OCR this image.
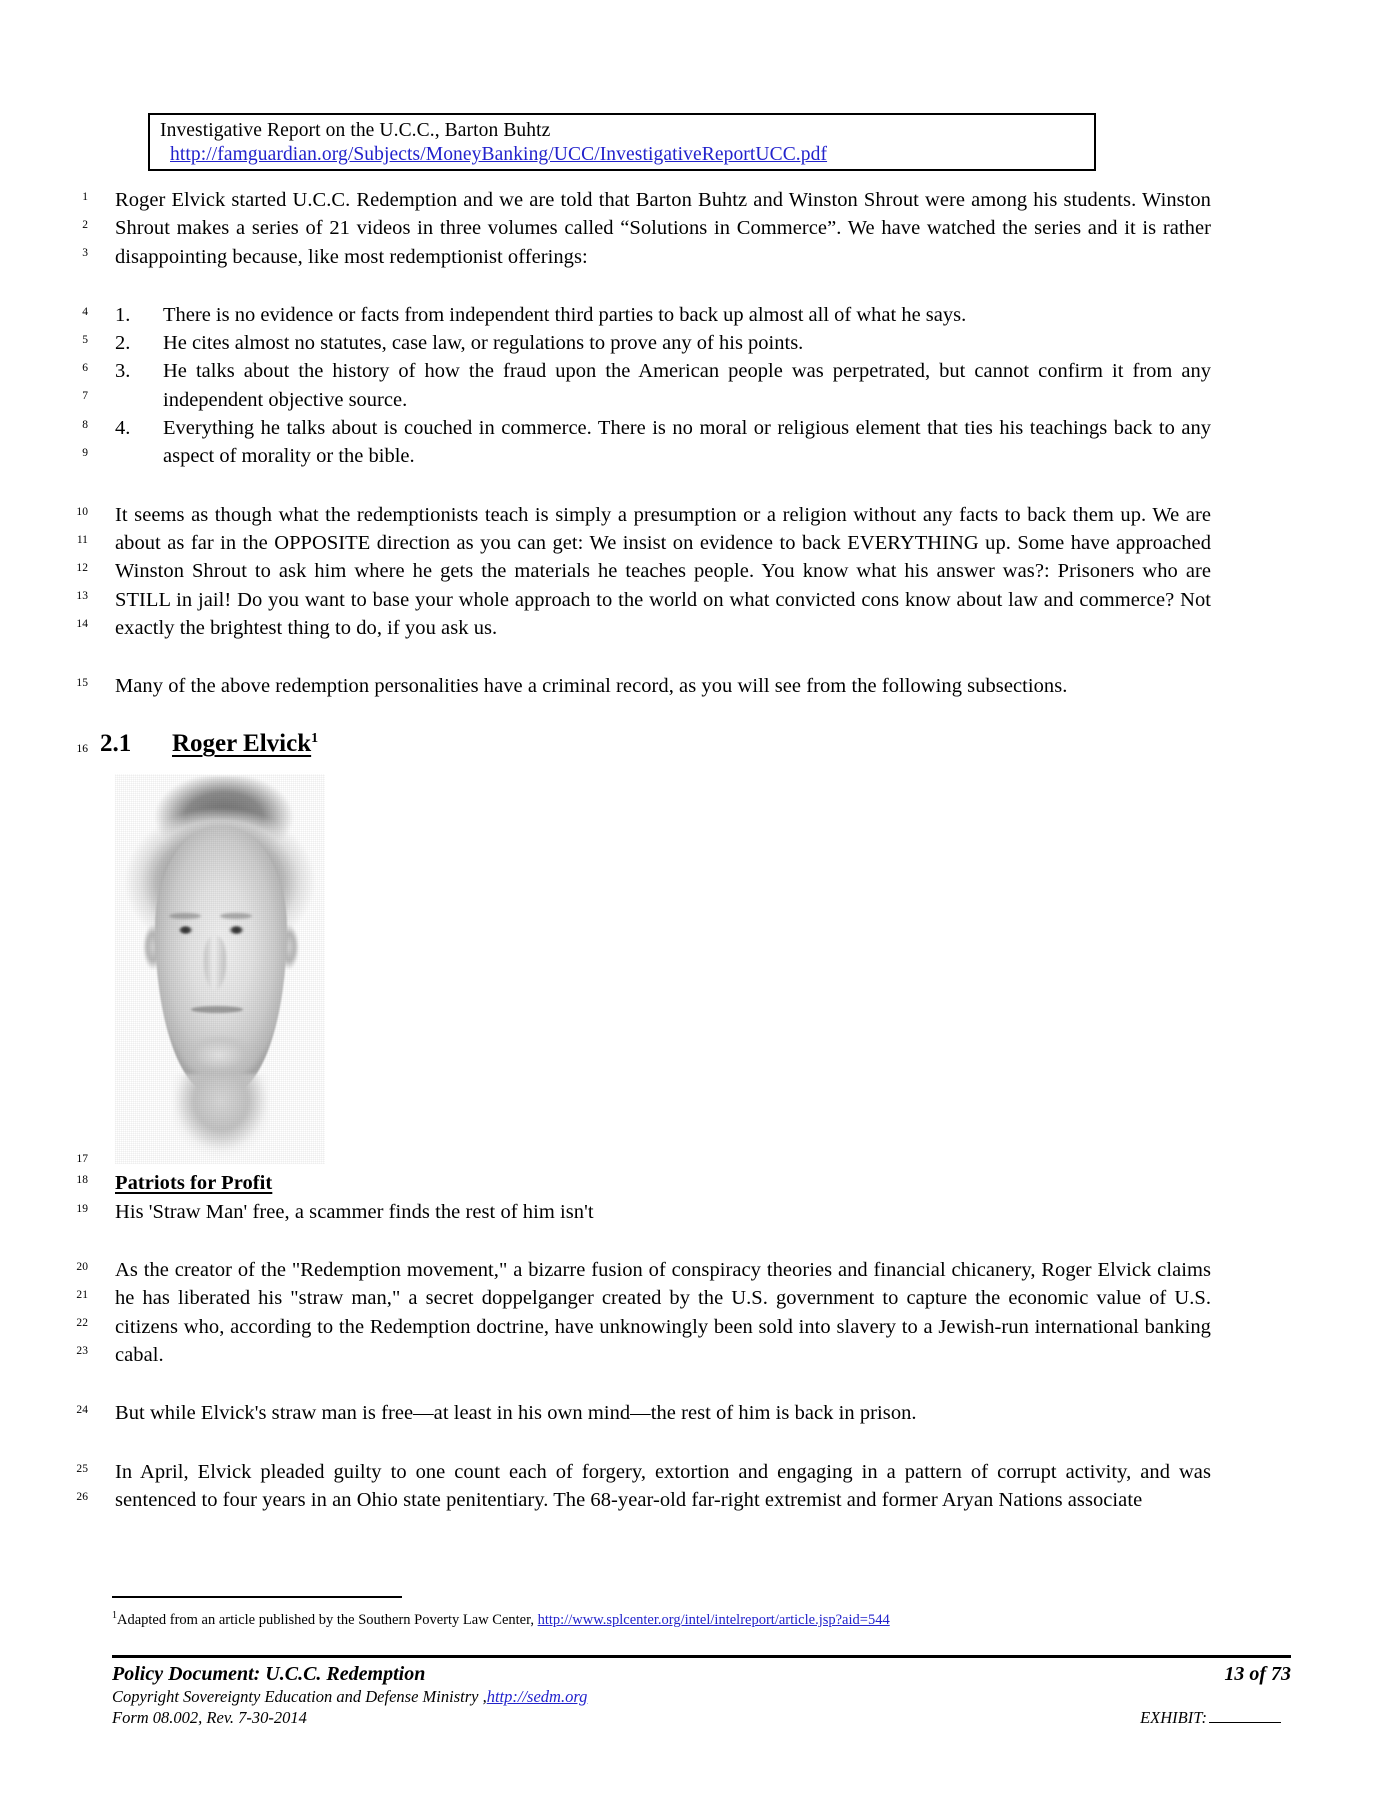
Investigative Report on the U.C.C., Barton Buhtz
http://famguardian.org/Subjects/MoneyBanking/UCC/InvestigativeReportUCC.pdf
1
2
3

Roger Elvick started U.C.C. Redemption and we are told that Barton Buhtz and Winston Shrout were among his students. Winston Shrout makes a series of 21 videos in three volumes called “Solutions in Commerce”. We have watched the series and it is rather disappointing because, like most redemptionist offerings:

4 1.	There is no evidence or facts from independent third parties to back up almost all of what he says.
5 2.	He cites almost no statutes, case law, or regulations to prove any of his points.
6
7
3.	He talks about the history of how the fraud upon the American people was perpetrated, but cannot confirm it from any independent objective source.
8
9
4.	Everything he talks about is couched in commerce. There is no moral or religious element that ties his teachings back to any aspect of morality or the bible.
10
11
12
13
14

It seems as though what the redemptionists teach is simply a presumption or a religion without any facts to back them up. We are about as far in the OPPOSITE direction as you can get: We insist on evidence to back EVERYTHING up. Some have approached Winston Shrout to ask him where he gets the materials he teaches people. You know what his answer was?: Prisoners who are STILL in jail! Do you want to base your whole approach to the world on what convicted cons know about law and commerce? Not exactly the brightest thing to do, if you ask us.

15 Many of the above redemption personalities have a criminal record, as you will see from the following subsections.

16 2.1 Roger Elvick$^1$
17
18 Patriots for Profit
19 His 'Straw Man' free, a scammer finds the rest of him isn't

20
21
22
23

As the creator of the "Redemption movement," a bizarre fusion of conspiracy theories and financial chicanery, Roger Elvick claims he has liberated his "straw man," a secret doppelganger created by the U.S. government to capture the economic value of U.S. citizens who, according to the Redemption doctrine, have unknowingly been sold into slavery to a Jewish-run international banking cabal.

24 But while Elvick's straw man is free—at least in his own mind—the rest of him is back in prison.

25
26

In April, Elvick pleaded guilty to one count each of forgery, extortion and engaging in a pattern of corrupt activity, and was sentenced to four years in an Ohio state penitentiary. The 68-year-old far-right extremist and former Aryan Nations associate

$^1$Adapted from an article published by the Southern Poverty Law Center, http://www.splcenter.org/intel/intelreport/article.jsp?aid=544
Policy Document: U.C.C. Redemption	13 of 73
Copyright Sovereignty Education and Defense Ministry ,http://sedm.org
Form 08.002, Rev. 7-30-2014	EXHIBIT:
